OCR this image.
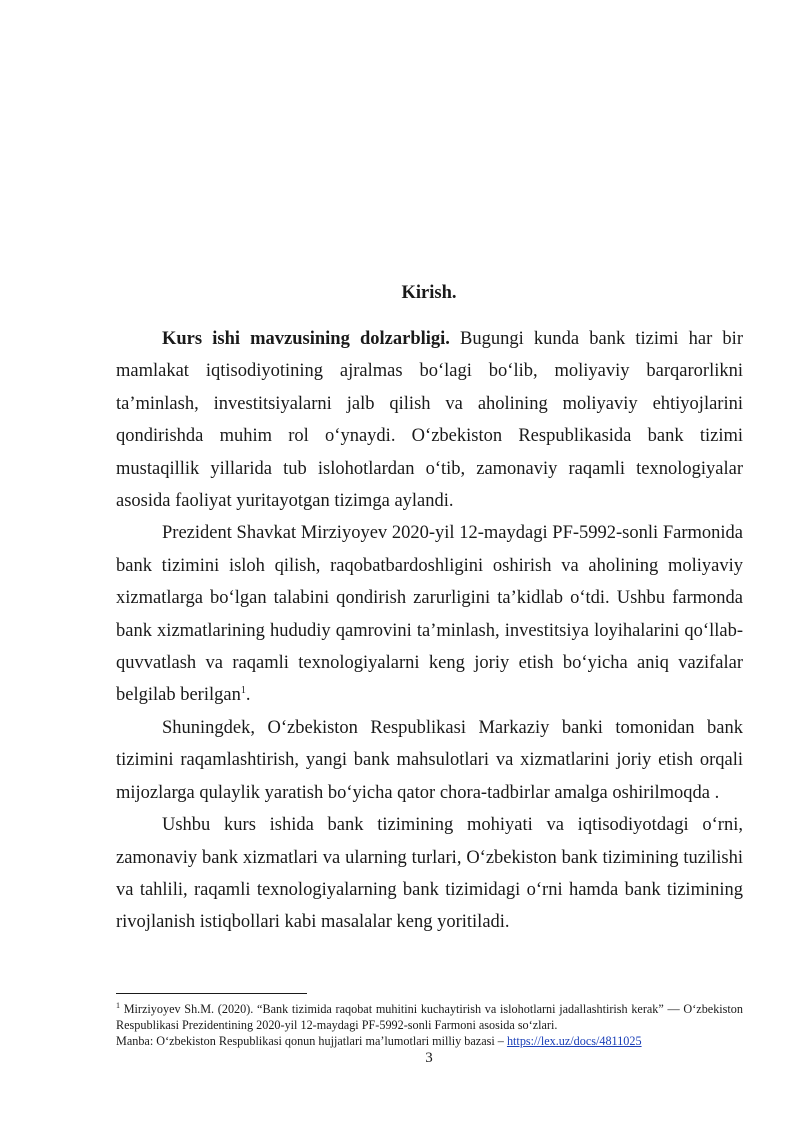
Kirish.

Kurs ishi mavzusining dolzarbligi. Bugungi kunda bank tizimi har bir mamlakat iqtisodiyotining ajralmas bo‘lagi bo‘lib, moliyaviy barqarorlikni ta’minlash, investitsiyalarni jalb qilish va aholining moliyaviy ehtiyojlarini qondirishda muhim rol o‘ynaydi. O‘zbekiston Respublikasida bank tizimi mustaqillik yillarida tub islohotlardan o‘tib, zamonaviy raqamli texnologiyalar asosida faoliyat yuritayotgan tizimga aylandi.

Prezident Shavkat Mirziyoyev 2020-yil 12-maydagi PF-5992-sonli Farmonida bank tizimini isloh qilish, raqobatbardoshligini oshirish va aholining moliyaviy xizmatlarga bo‘lgan talabini qondirish zarurligini ta’kidlab o‘tdi. Ushbu farmonda bank xizmatlarining hududiy qamrovini ta’minlash, investitsiya loyihalarini qo‘llab-quvvatlash va raqamli texnologiyalarni keng joriy etish bo‘yicha aniq vazifalar belgilab berilgan$^1$.

Shuningdek, O‘zbekiston Respublikasi Markaziy banki tomonidan bank tizimini raqamlashtirish, yangi bank mahsulotlari va xizmatlarini joriy etish orqali mijozlarga qulaylik yaratish bo‘yicha qator chora-tadbirlar amalga oshirilmoqda .

Ushbu kurs ishida bank tizimining mohiyati va iqtisodiyotdagi o‘rni, zamonaviy bank xizmatlari va ularning turlari, O‘zbekiston bank tizimining tuzilishi va tahlili, raqamli texnologiyalarning bank tizimidagi o‘rni hamda bank tizimining rivojlanish istiqbollari kabi masalalar keng yoritiladi.

$^1$ Mirziyoyev Sh.M. (2020). “Bank tizimida raqobat muhitini kuchaytirish va islohotlarni jadallashtirish kerak” — O‘zbekiston Respublikasi Prezidentining 2020-yil 12-maydagi PF-5992-sonli Farmoni asosida so‘zlari.

Manba: O‘zbekiston Respublikasi qonun hujjatlari ma’lumotlari milliy bazasi – https://lex.uz/docs/4811025

3
